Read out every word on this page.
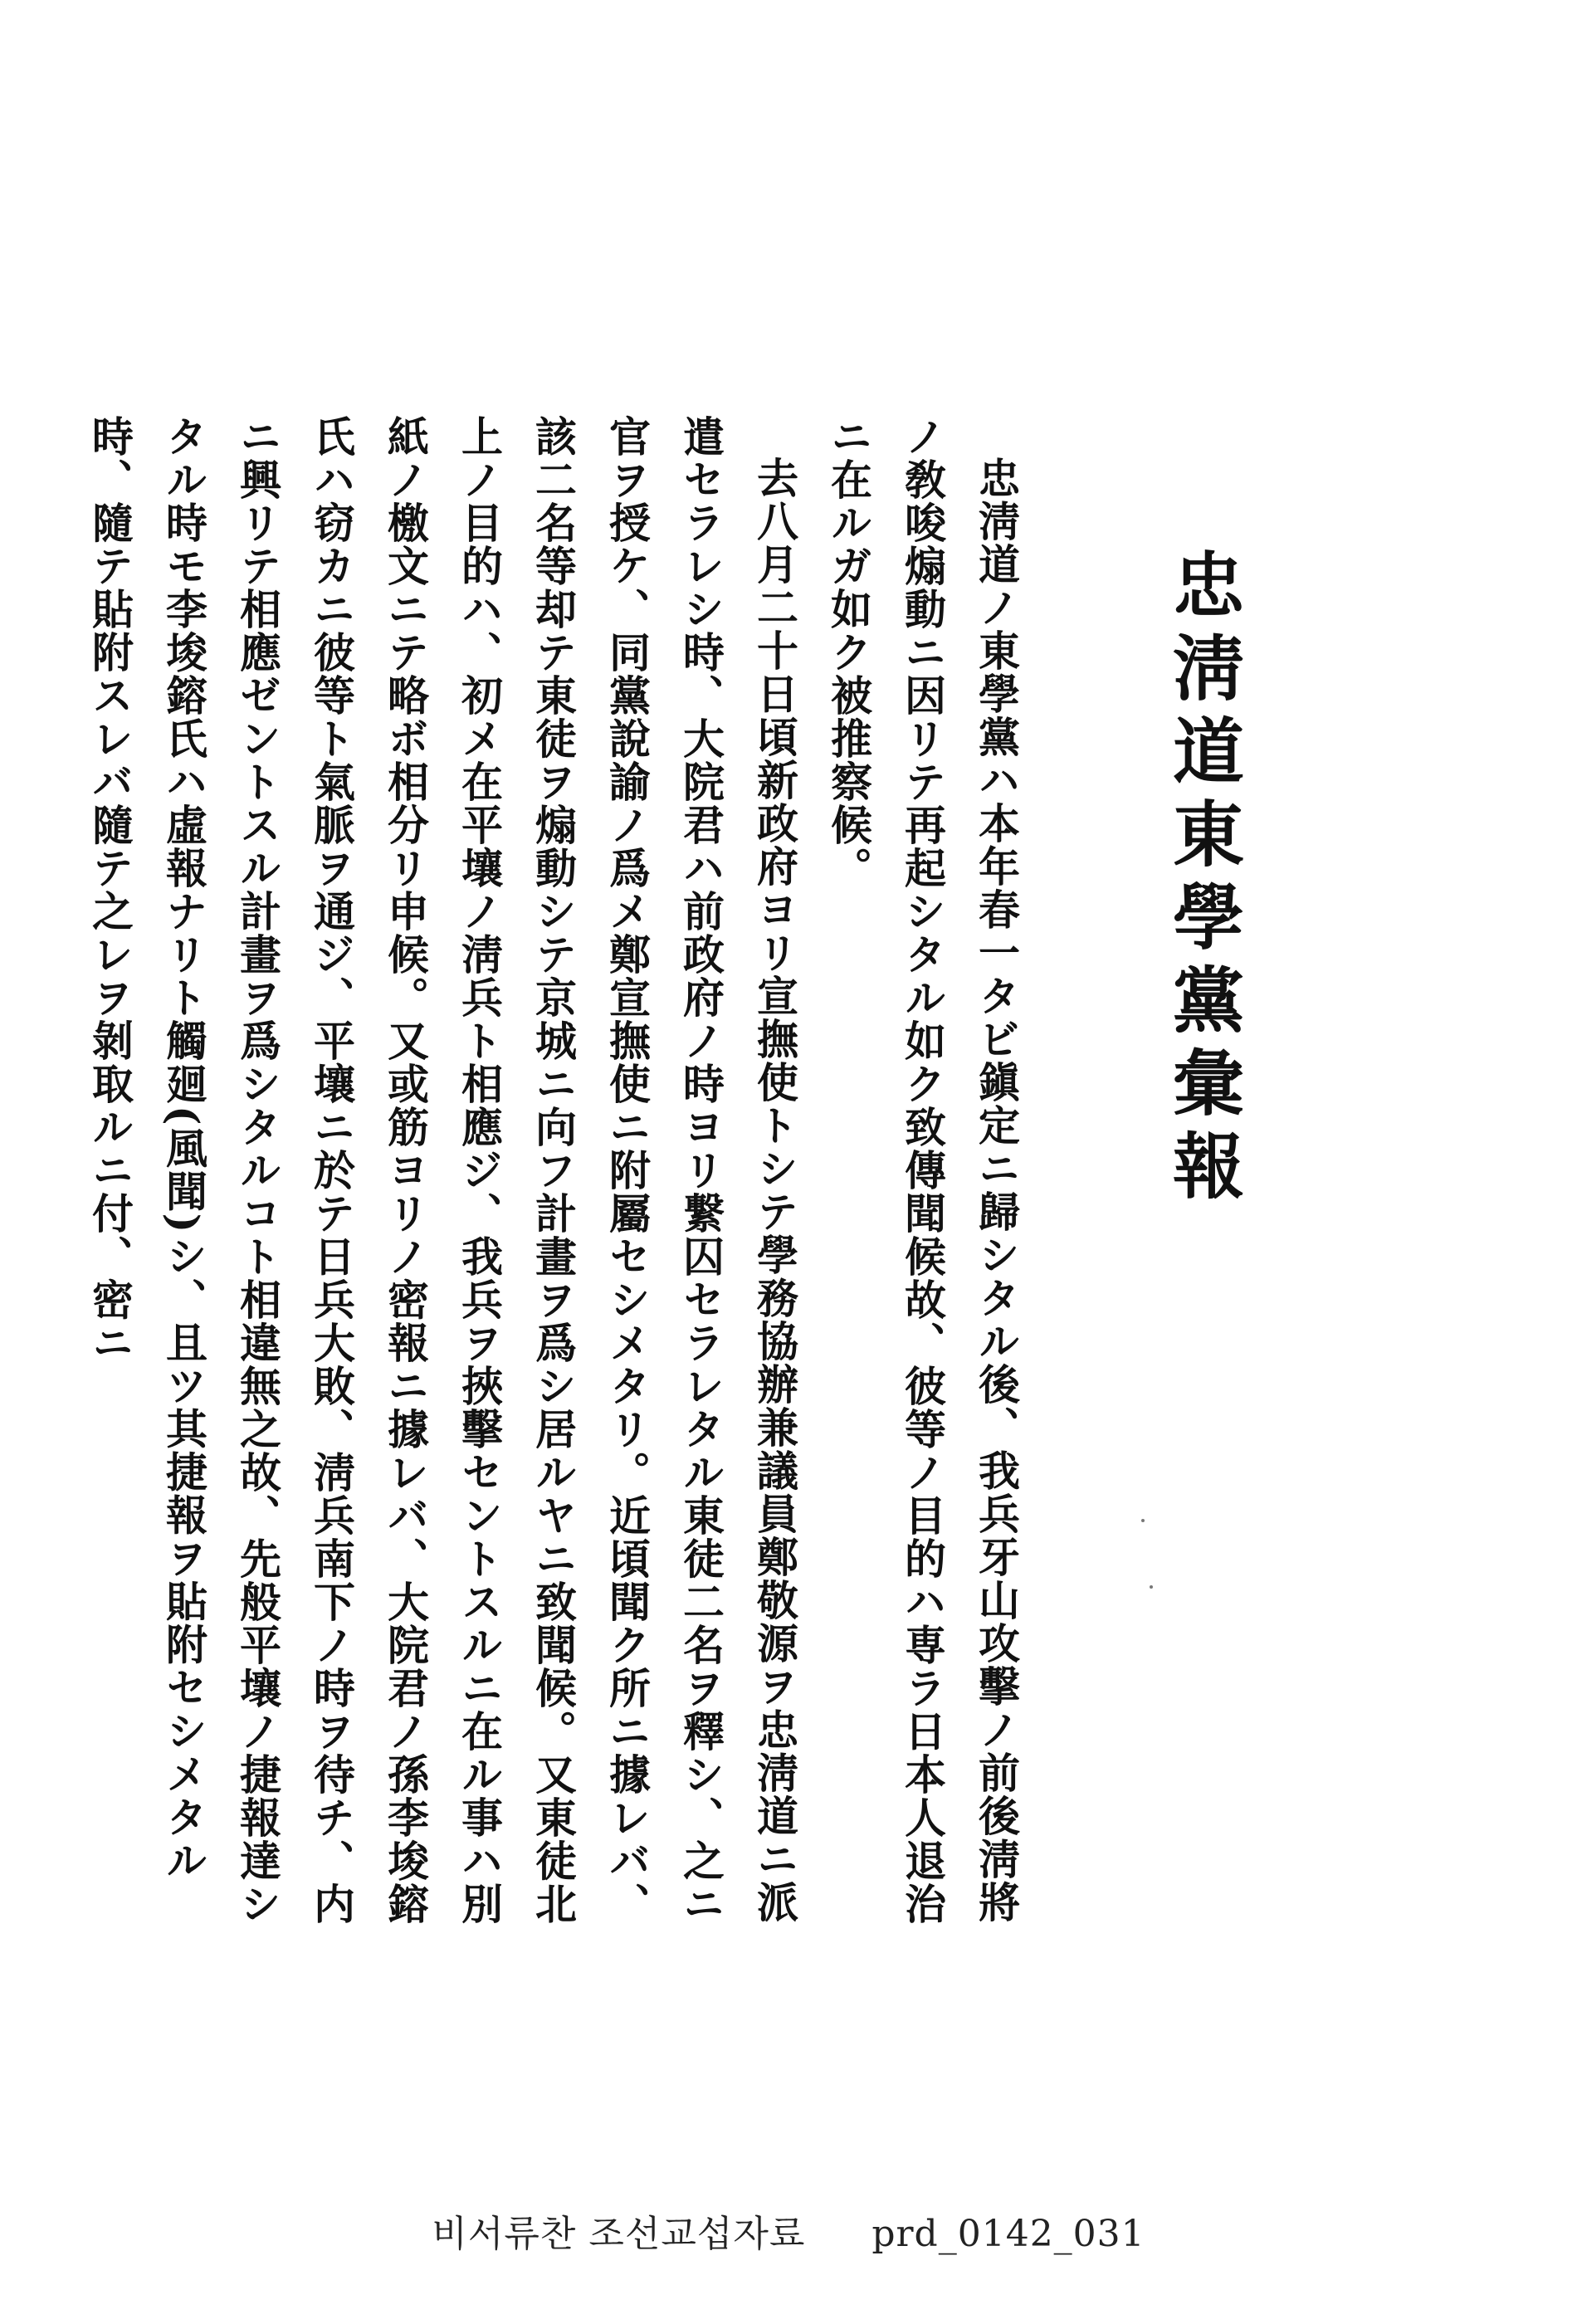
忠淸道東學黨彙報

忠淸道ノ東學黨ハ本年春一タビ鎭定ニ歸シタル後、我兵牙山攻擊ノ前後淸將ノ敎唆煽動ニ因リテ再起シタル如ク致傳聞候故、彼等ノ目的ハ専ラ日本人退治ニ在ルガ如ク被推察候。

去八月二十日頃新政府ヨリ宣撫使トシテ學務協辦兼議員鄭敬源ヲ忠淸道ニ派遣セラレシ時、大院君ハ前政府ノ時ヨリ繋囚セラレタル東徒二名ヲ釋シ、之ニ官ヲ授ケ、同黨說諭ノ爲メ鄭宣撫使ニ附屬セシメタリ。近頃聞ク所ニ據レバ、該二名等却テ東徒ヲ煽動シテ京城ニ向フ計畫ヲ爲シ居ルヤニ致聞候。又東徒北上ノ目的ハ、初メ在平壤ノ淸兵ト相應ジ、我兵ヲ挾擊セントスルニ在ル事ハ別紙ノ檄文ニテ略ボ相分リ申候。又或筋ヨリノ密報ニ據レバ、大院君ノ孫李埈鎔氏ハ窃カニ彼等ト氣脈ヲ通ジ、平壤ニ於テ日兵大敗、淸兵南下ノ時ヲ待チ、内ニ興リテ相應ゼントスル計畫ヲ爲シタルコト相違無之故、先般平壤ノ捷報達シタル時モ李埈鎔氏ハ虛報ナリト觸廻(風聞)シ、且ツ其捷報ヲ貼附セシメタル時、隨テ貼附スレバ隨テ之レヲ剝取ルニ付、密ニ

비서류찬 조선교섭자료 prd_0142_031
